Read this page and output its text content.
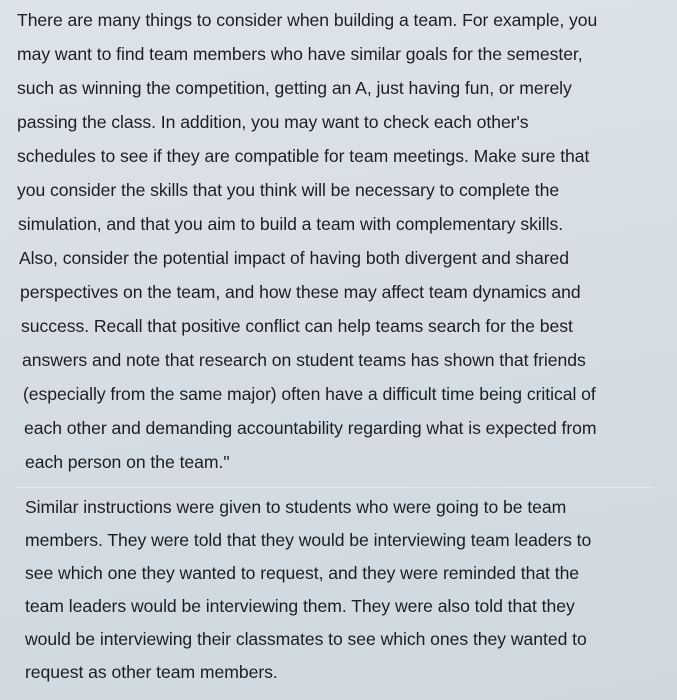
There are many things to consider when building a team. For example, you
may want to find team members who have similar goals for the semester,
such as winning the competition, getting an A, just having fun, or merely
passing the class. In addition, you may want to check each other's
schedules to see if they are compatible for team meetings. Make sure that
you consider the skills that you think will be necessary to complete the
simulation, and that you aim to build a team with complementary skills.
Also, consider the potential impact of having both divergent and shared
perspectives on the team, and how these may affect team dynamics and
success. Recall that positive conflict can help teams search for the best
answers and note that research on student teams has shown that friends
(especially from the same major) often have a difficult time being critical of
each other and demanding accountability regarding what is expected from
each person on the team."
Similar instructions were given to students who were going to be team
members. They were told that they would be interviewing team leaders to
see which one they wanted to request, and they were reminded that the
team leaders would be interviewing them. They were also told that they
would be interviewing their classmates to see which ones they wanted to
request as other team members.
